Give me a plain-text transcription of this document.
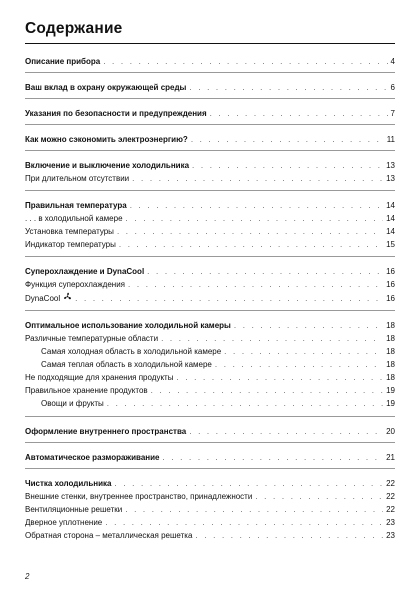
Содержание
Описание прибора . . .	4
Ваш вклад в охрану окружающей среды . . .	6
Указания по безопасности и предупреждения . . .	7
Как можно сэкономить электроэнергию? . . .	11
Включение и выключение холодильника . . .	13
При длительном отсутствии . . .	13
Правильная температура . . .	14
. . . в холодильной камере . . .	14
Установка температуры . . .	14
Индикатор температуры . . .	15
Суперохлаждение и DynaCool . . .	16
Функция суперохлаждения . . .	16
DynaCool . . .	16
Оптимальное использование холодильной камеры . . .	18
Различные температурные области . . .	18
Самая холодная область в холодильной камере . . .	18
Самая теплая область в холодильной камере . . .	18
Не подходящие для хранения продукты . . .	18
Правильное хранение продуктов . . .	19
Овощи и фрукты . . .	19
Оформление внутреннего пространства . . .	20
Автоматическое размораживание . . .	21
Чистка холодильника . . .	22
Внешние стенки, внутреннее пространство, принадлежности . . .	22
Вентиляционные решетки . . .	22
Дверное уплотнение . . .	23
Обратная сторона – металлическая решетка . . .	23
2
